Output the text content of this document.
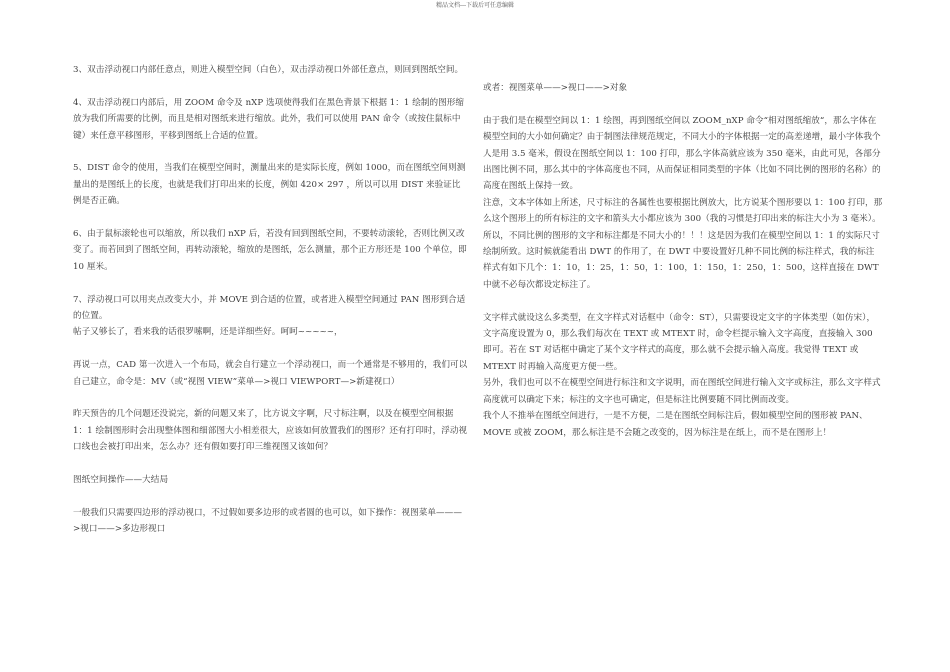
精品文档---下载后可任意编辑

3、双击浮动视口内部任意点，则进入模型空间（白色），双击浮动视口外部任意点，则回到图纸空间。

4、双击浮动视口内部后，用 ZOOM 命令及 nXP 选项使得我们在黑色背景下根据 1：1 绘制的图形缩放为我们所需要的比例，而且是相对图纸来进行缩放。此外，我们可以使用 PAN 命令（或按住鼠标中键）来任意平移图形，平移到图纸上合适的位置。

5、DIST 命令的使用，当我们在模型空间时，测量出来的是实际长度，例如 1000，而在图纸空间则测量出的是图纸上的长度，也就是我们打印出来的长度，例如 420× 297 ，所以可以用 DIST 来验证比例是否正确。

6、由于鼠标滚轮也可以缩放，所以我们 nXP 后，若没有回到图纸空间，不要转动滚轮，否则比例又改变了。而若回到了图纸空间，再转动滚轮，缩放的是图纸，怎么测量，那个正方形还是 100 个单位，即 10 厘米。

7、浮动视口可以用夹点改变大小，并 MOVE 到合适的位置，或者进入模型空间通过 PAN 图形到合适的位置。

帖子又够长了，看来我的话很罗嗦啊，还是详细些好。呵呵~~~~~，

再说一点，CAD 第一次进入一个布局，就会自行建立一个浮动视口，而一个通常是不够用的，我们可以自己建立，命令是：MV（或“视图 VIEW”菜单—>视口 VIEWPORT—>新建视口）

昨天预告的几个问题还没说完，新的问题又来了，比方说文字啊，尺寸标注啊，以及在模型空间根据 1：1 绘制图形时会出现整体图和细部图大小相差很大，应该如何放置我们的图形？还有打印时，浮动视口线也会被打印出来，怎么办？还有假如要打印三维视图又该如何？

图纸空间操作——大结局

一般我们只需要四边形的浮动视口，不过假如要多边形的或者圆的也可以，如下操作：视图菜单———>视口——>多边形视口

或者：视图菜单——>视口——>对象

由于我们是在模型空间以 1：1 绘图，再到图纸空间以 ZOOM_nXP 命令“相对图纸缩放“，那么字体在模型空间的大小如何确定？由于制图法律规范规定，不同大小的字体根据一定的高差递增，最小字体我个人是用 3.5 毫米，假设在图纸空间以 1：100 打印，那么字体高就应该为 350 毫米，由此可见，各部分出图比例不同，那么其中的字体高度也不同，从而保证相同类型的字体（比如不同比例的图形的名称）的高度在图纸上保持一致。

注意，文本字体如上所述，尺寸标注的各属性也要根据比例放大，比方说某个图形要以 1：100 打印，那么这个图形上的所有标注的文字和箭头大小都应该为 300（我的习惯是打印出来的标注大小为 3 毫米）。  所以，不同比例的图形的文字和标注都是不同大小的！！！这是因为我们在模型空间以 1：1 的实际尺寸绘制所致。这时候就能看出 DWT 的作用了，在 DWT 中要设置好几种不同比例的标注样式，我的标注样式有如下几个：1：10，1：25，1：50，1：100，1：150，1：250，1：500，这样直接在 DWT 中就不必每次都设定标注了。

文字样式就设这么多类型，在文字样式对话框中（命令：ST），只需要设定文字的字体类型（如仿宋），文字高度设置为 0，那么我们每次在 TEXT 或 MTEXT 时，命令栏提示输入文字高度，直接输入 300 即可。若在 ST 对话框中确定了某个文字样式的高度，那么就不会提示输入高度。我觉得 TEXT 或 MTEXT 时再输入高度更方便一些。

另外，我们也可以不在模型空间进行标注和文字说明，而在图纸空间进行输入文字或标注，那么文字样式高度就可以确定下来；标注的文字也可确定，但是标注比例要随不同比例而改变。

我个人不推举在图纸空间进行，一是不方便，二是在图纸空间标注后，假如模型空间的图形被 PAN、MOVE 或被 ZOOM，那么标注是不会随之改变的，因为标注是在纸上，而不是在图形上！
